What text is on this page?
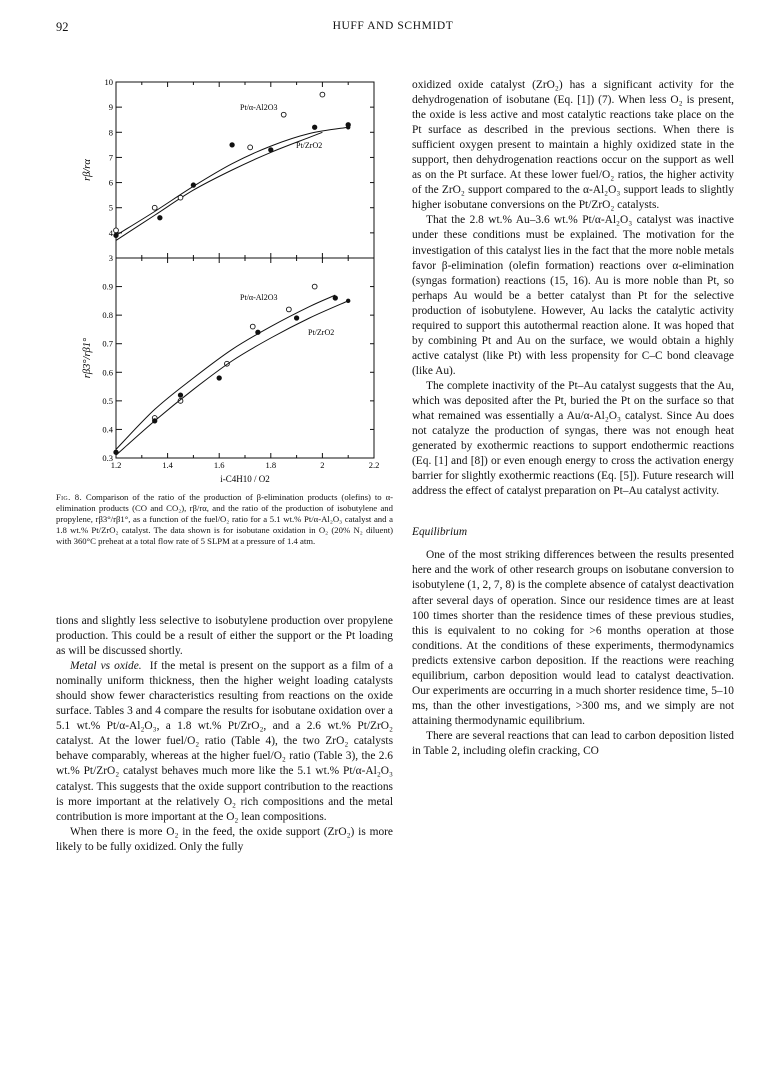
92	HUFF AND SCHMIDT
3
4
5
6
7
8
9
10
rβ/rα
Pt/α-Al2O3
Pt/ZrO2
0.3
0.4
0.5
0.6
0.7
0.8
0.9
1.2	1.4	1.6	1.8	2	2.2
rβ3°/rβ1°
i-C4H10 / O2
Pt/α-Al2O3
Pt/ZrO2
Fig. 8. Comparison of the ratio of the production of β-elimination products (olefins) to α-elimination products (CO and CO₂), rβ/rα, and the ratio of the production of isobutylene and propylene, rβ3°/rβ1°, as a function of the fuel/O₂ ratio for a 5.1 wt.% Pt/α-Al₂O₃ catalyst and a 1.8 wt.% Pt/ZrO₂ catalyst. The data shown is for isobutane oxidation in O₂ (20% N₂ diluent) with 360°C preheat at a total flow rate of 5 SLPM at a pressure of 1.4 atm.

tions and slightly less selective to isobutylene production over propylene production. This could be a result of either the support or the Pt loading as will be discussed shortly.

Metal vs oxide. If the metal is present on the support as a film of a nominally uniform thickness, then the higher weight loading catalysts should show fewer characteristics resulting from reactions on the oxide surface. Tables 3 and 4 compare the results for isobutane oxidation over a 5.1 wt.% Pt/α-Al₂O₃, a 1.8 wt.% Pt/ZrO₂, and a 2.6 wt.% Pt/ZrO₂ catalyst. At the lower fuel/O₂ ratio (Table 4), the two ZrO₂ catalysts behave comparably, whereas at the higher fuel/O₂ ratio (Table 3), the 2.6 wt.% Pt/ZrO₂ catalyst behaves much more like the 5.1 wt.% Pt/α-Al₂O₃ catalyst. This suggests that the oxide support contribution to the reactions is more important at the relatively O₂ rich compositions and the metal contribution is more important at the O₂ lean compositions.

When there is more O₂ in the feed, the oxide support (ZrO₂) is more likely to be fully oxidized. Only the fully

oxidized oxide catalyst (ZrO₂) has a significant activity for the dehydrogenation of isobutane (Eq. [1]) (7). When less O₂ is present, the oxide is less active and most catalytic reactions take place on the Pt surface as described in the previous sections. When there is sufficient oxygen present to maintain a highly oxidized state in the support, then dehydrogenation reactions occur on the support as well as on the Pt surface. At these lower fuel/O₂ ratios, the higher activity of the ZrO₂ support compared to the α-Al₂O₃ support leads to slightly higher isobutane conversions on the Pt/ZrO₂ catalysts.

That the 2.8 wt.% Au–3.6 wt.% Pt/α-Al₂O₃ catalyst was inactive under these conditions must be explained. The motivation for the investigation of this catalyst lies in the fact that the more noble metals favor β-elimination (olefin formation) reactions over α-elimination (syngas formation) reactions (15, 16). Au is more noble than Pt, so perhaps Au would be a better catalyst than Pt for the selective production of isobutylene. However, Au lacks the catalytic activity required to support this autothermal reaction alone. It was hoped that by combining Pt and Au on the surface, we would obtain a highly active catalyst (like Pt) with less propensity for C–C bond cleavage (like Au).

The complete inactivity of the Pt–Au catalyst suggests that the Au, which was deposited after the Pt, buried the Pt on the surface so that what remained was essentially a Au/α-Al₂O₃ catalyst. Since Au does not catalyze the production of syngas, there was not enough heat generated by exothermic reactions to support endothermic reactions (Eq. [1] and [8]) or even enough energy to cross the activation energy barrier for slightly exothermic reactions (Eq. [5]). Future research will address the effect of catalyst preparation on Pt–Au catalyst activity.

Equilibrium

One of the most striking differences between the results presented here and the work of other research groups on isobutane conversion to isobutylene (1, 2, 7, 8) is the complete absence of catalyst deactivation after several days of operation. Since our residence times are at least 100 times shorter than the residence times of these previous studies, this is equivalent to no coking for >6 months operation at those conditions. At the conditions of these experiments, thermodynamics predicts extensive carbon deposition. If the reactions were reaching equilibrium, carbon deposition would lead to catalyst deactivation. Our experiments are occurring in a much shorter residence time, 5–10 ms, than the other investigations, >300 ms, and we simply are not attaining thermodynamic equilibrium.

There are several reactions that can lead to carbon deposition listed in Table 2, including olefin cracking, CO
